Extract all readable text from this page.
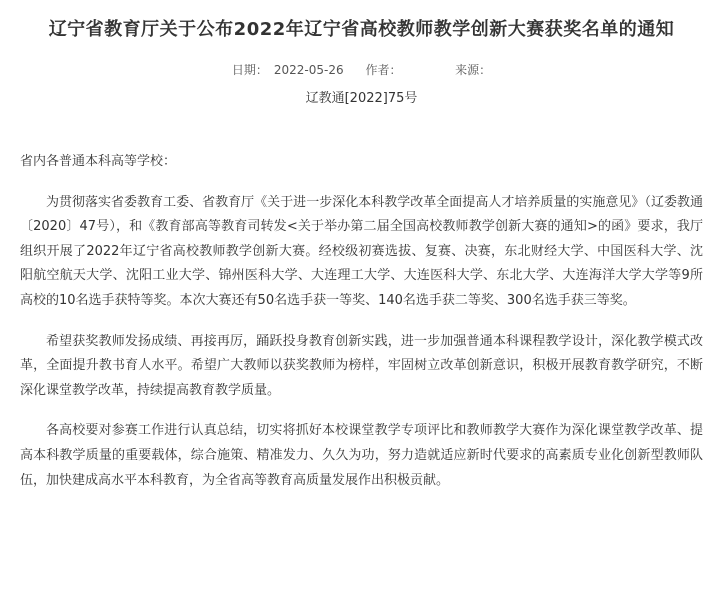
辽宁省教育厅关于公布2022年辽宁省高校教师教学创新大赛获奖名单的通知
日期： 2022-05-26 作者：	来源：
辽教通[2022]75号

省内各普通本科高等学校：

为贯彻落实省委教育工委、省教育厅《关于进一步深化本科教学改革全面提高人才培养质量的实施意见》（辽委教通〔2020〕47号），和《教育部高等教育司转发<关于举办第二届全国高校教师教学创新大赛的通知>的函》要求，我厅组织开展了2022年辽宁省高校教师教学创新大赛。经校级初赛选拔、复赛、决赛，东北财经大学、中国医科大学、沈阳航空航天大学、沈阳工业大学、锦州医科大学、大连理工大学、大连医科大学、东北大学、大连海洋大学大学等9所高校的10名选手获特等奖。本次大赛还有50名选手获一等奖、140名选手获二等奖、300名选手获三等奖。

希望获奖教师发扬成绩、再接再厉，踊跃投身教育创新实践，进一步加强普通本科课程教学设计，深化教学模式改革，全面提升教书育人水平。希望广大教师以获奖教师为榜样，牢固树立改革创新意识，积极开展教育教学研究，不断深化课堂教学改革，持续提高教育教学质量。

各高校要对参赛工作进行认真总结，切实将抓好本校课堂教学专项评比和教师教学大赛作为深化课堂教学改革、提高本科教学质量的重要载体，综合施策、精准发力、久久为功，努力造就适应新时代要求的高素质专业化创新型教师队伍，加快建成高水平本科教育，为全省高等教育高质量发展作出积极贡献。
